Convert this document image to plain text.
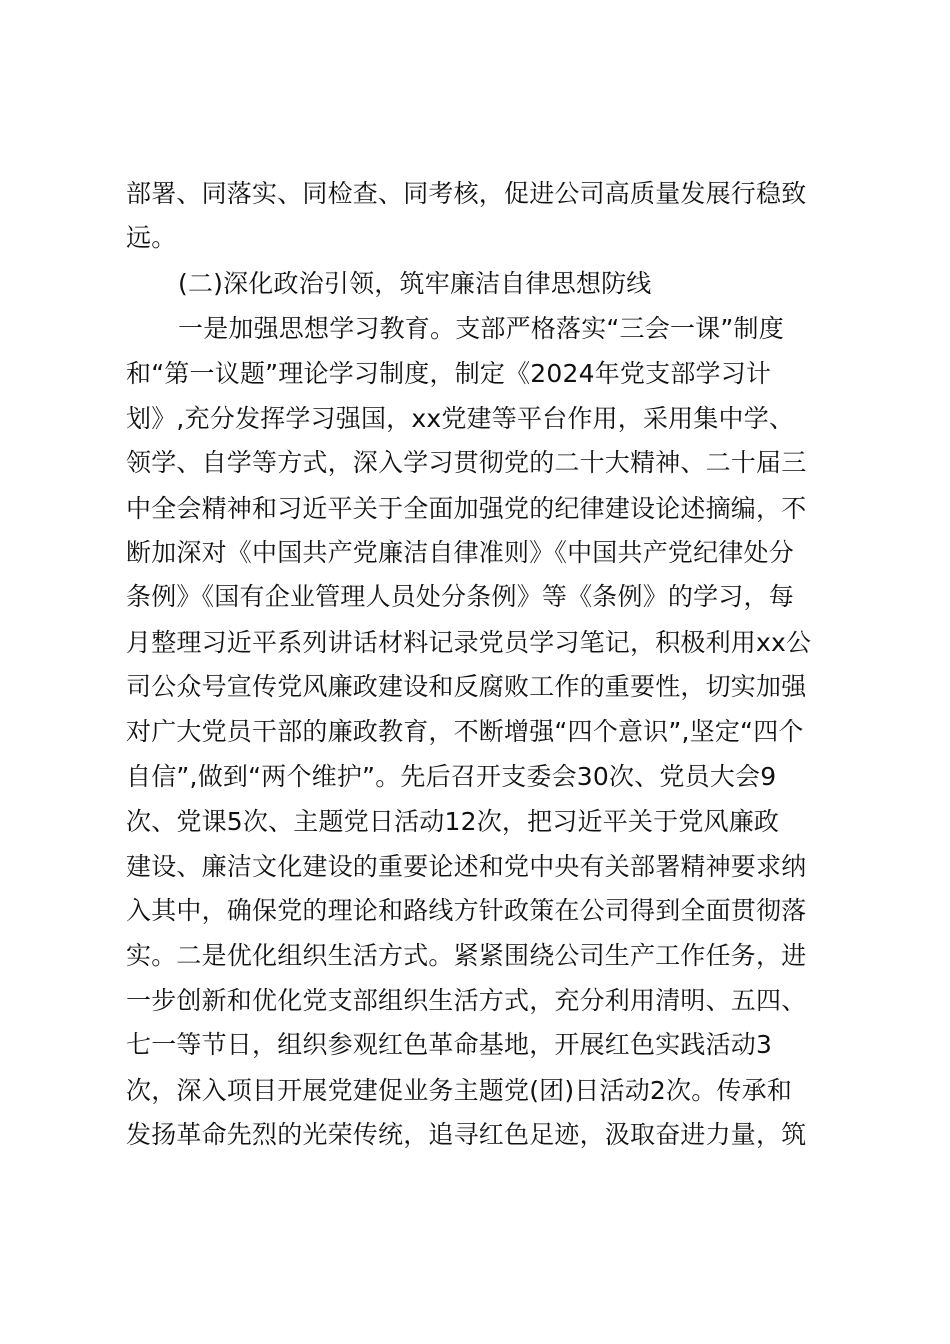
部署、同落实、同检查、同考核，促进公司高质量发展行稳致
远。
(二)深化政治引领，筑牢廉洁自律思想防线
一是加强思想学习教育。支部严格落实“三会一课”制度
和“第一议题”理论学习制度，制定《2024年党支部学习计
划》,充分发挥学习强国，xx党建等平台作用，采用集中学、
领学、自学等方式，深入学习贯彻党的二十大精神、二十届三
中全会精神和习近平关于全面加强党的纪律建设论述摘编，不
断加深对《中国共产党廉洁自律准则》《中国共产党纪律处分
条例》《国有企业管理人员处分条例》等《条例》的学习，每
月整理习近平系列讲话材料记录党员学习笔记，积极利用xx公
司公众号宣传党风廉政建设和反腐败工作的重要性，切实加强
对广大党员干部的廉政教育，不断增强“四个意识”,坚定“四个
自信”,做到“两个维护”。先后召开支委会30次、党员大会9
次、党课5次、主题党日活动12次，把习近平关于党风廉政
建设、廉洁文化建设的重要论述和党中央有关部署精神要求纳
入其中，确保党的理论和路线方针政策在公司得到全面贯彻落
实。二是优化组织生活方式。紧紧围绕公司生产工作任务，进
一步创新和优化党支部组织生活方式，充分利用清明、五四、
七一等节日，组织参观红色革命基地，开展红色实践活动3
次，深入项目开展党建促业务主题党(团)日活动2次。传承和
发扬革命先烈的光荣传统，追寻红色足迹，汲取奋进力量，筑
